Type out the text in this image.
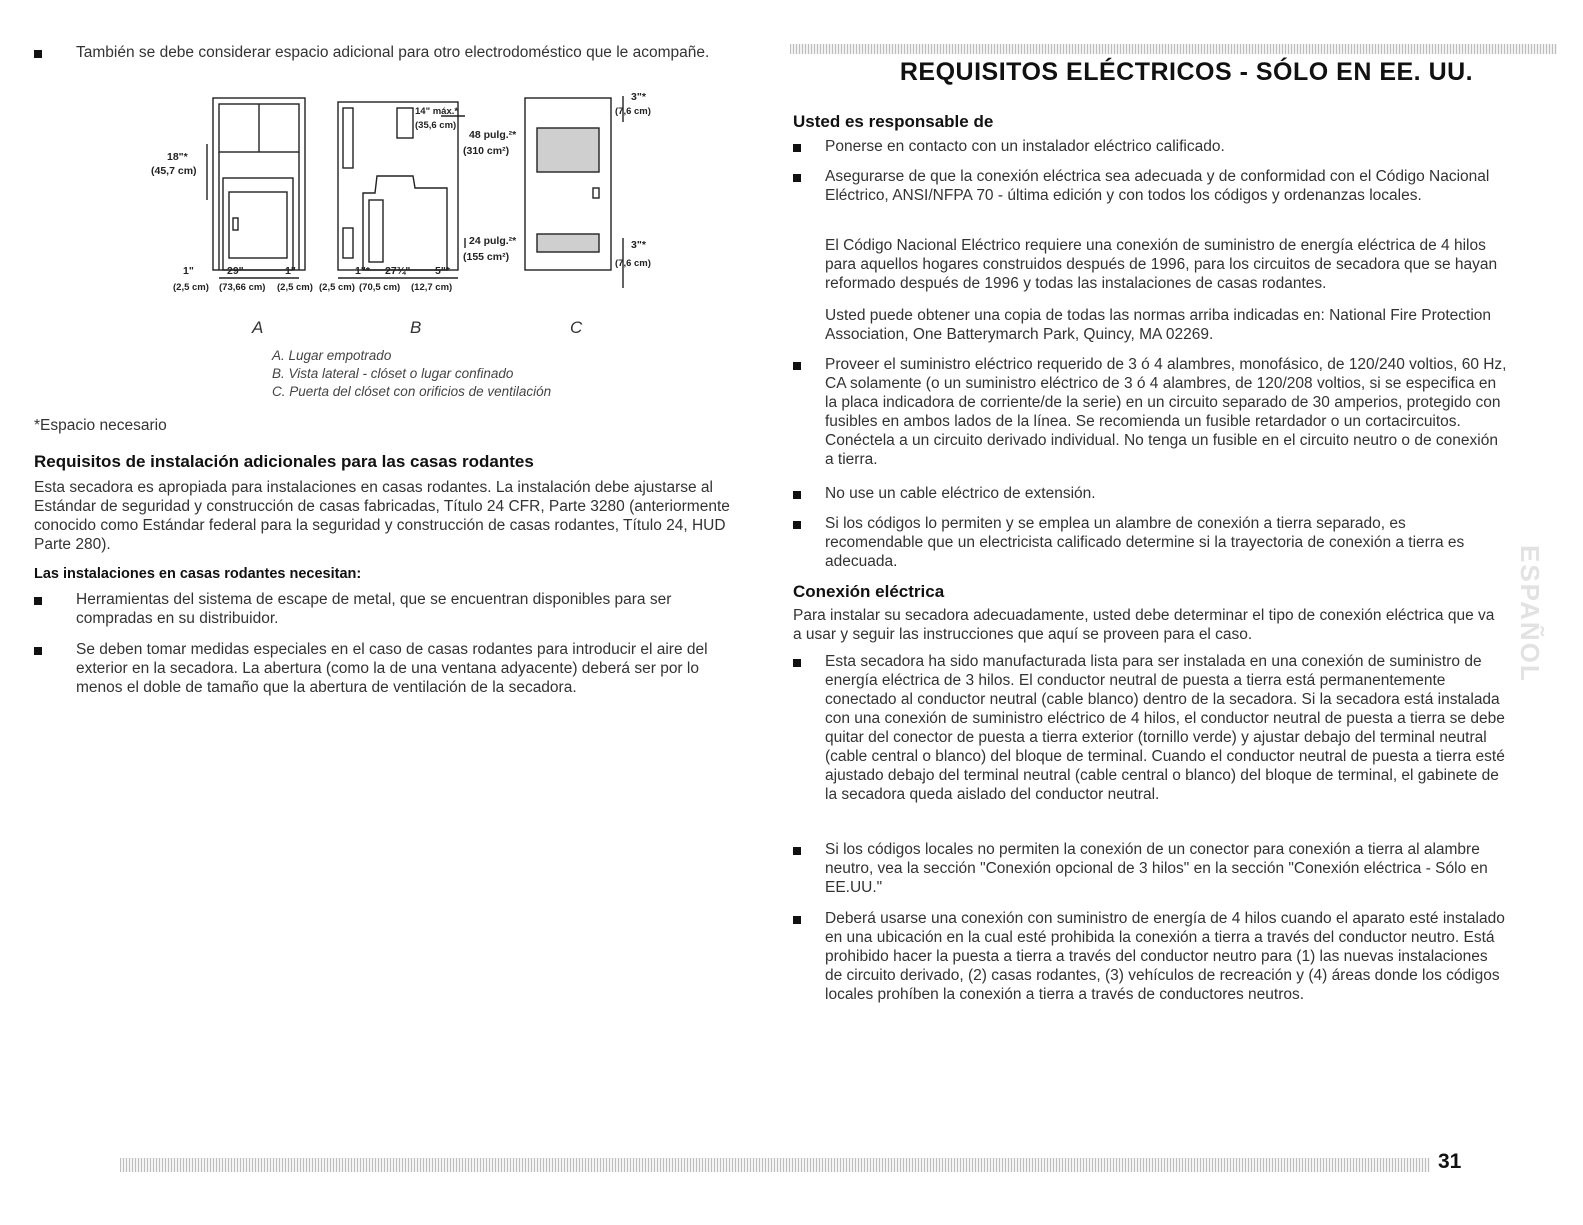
También se debe considerar espacio adicional para otro electrodoméstico que le acompañe.
18"*
(45,7 cm)
1"	29"	1"
(2,5 cm) (73,66 cm) (2,5 cm)
1"* 27¾" 5"*
(2,5 cm) (70,5 cm) (12,7 cm)
14" máx.*
(35,6 cm)
48 pulg.²*
(310 cm²)
24 pulg.²*
(155 cm²)
3"*
(7,6 cm)
3"*
(7,6 cm)
A	B	C
A. Lugar empotrado
B. Vista lateral - clóset o lugar confinado
C. Puerta del clóset con orificios de ventilación
*Espacio necesario
Requisitos de instalación adicionales para las casas rodantes
Esta secadora es apropiada para instalaciones en casas rodantes. La instalación debe ajustarse al Estándar de seguridad y construcción de casas fabricadas, Título 24 CFR, Parte 3280 (anteriormente conocido como Estándar federal para la seguridad y construcción de casas rodantes, Título 24, HUD Parte 280).
Las instalaciones en casas rodantes necesitan:
Herramientas del sistema de escape de metal, que se encuentran disponibles para ser compradas en su distribuidor.
Se deben tomar medidas especiales en el caso de casas rodantes para introducir el aire del exterior en la secadora. La abertura (como la de una ventana adyacente) deberá ser por lo menos el doble de tamaño que la abertura de ventilación de la secadora.
REQUISITOS ELÉCTRICOS - SÓLO EN EE. UU.
Usted es responsable de
Ponerse en contacto con un instalador eléctrico calificado.
Asegurarse de que la conexión eléctrica sea adecuada y de conformidad con el Código Nacional Eléctrico, ANSI/NFPA 70 - última edición y con todos los códigos y ordenanzas locales.
El Código Nacional Eléctrico requiere una conexión de suministro de energía eléctrica de 4 hilos para aquellos hogares construidos después de 1996, para los circuitos de secadora que se hayan reformado después de 1996 y todas las instalaciones de casas rodantes.
Usted puede obtener una copia de todas las normas arriba indicadas en: National Fire Protection Association, One Batterymarch Park, Quincy, MA 02269.
Proveer el suministro eléctrico requerido de 3 ó 4 alambres, monofásico, de 120/240 voltios, 60 Hz, CA solamente (o un suministro eléctrico de 3 ó 4 alambres, de 120/208 voltios, si se especifica en la placa indicadora de corriente/de la serie) en un circuito separado de 30 amperios, protegido con fusibles en ambos lados de la línea. Se recomienda un fusible retardador o un cortacircuitos. Conéctela a un circuito derivado individual. No tenga un fusible en el circuito neutro o de conexión a tierra.
No use un cable eléctrico de extensión.
Si los códigos lo permiten y se emplea un alambre de conexión a tierra separado, es recomendable que un electricista calificado determine si la trayectoria de conexión a tierra es adecuada.
Conexión eléctrica
Para instalar su secadora adecuadamente, usted debe determinar el tipo de conexión eléctrica que va a usar y seguir las instrucciones que aquí se proveen para el caso.
Esta secadora ha sido manufacturada lista para ser instalada en una conexión de suministro de energía eléctrica de 3 hilos. El conductor neutral de puesta a tierra está permanentemente conectado al conductor neutral (cable blanco) dentro de la secadora. Si la secadora está instalada con una conexión de suministro eléctrico de 4 hilos, el conductor neutral de puesta a tierra se debe quitar del conector de puesta a tierra exterior (tornillo verde) y ajustar debajo del terminal neutral (cable central o blanco) del bloque de terminal. Cuando el conductor neutral de puesta a tierra esté ajustado debajo del terminal neutral (cable central o blanco) del bloque de terminal, el gabinete de la secadora queda aislado del conductor neutral.
Si los códigos locales no permiten la conexión de un conector para conexión a tierra al alambre neutro, vea la sección "Conexión opcional de 3 hilos" en la sección "Conexión eléctrica - Sólo en EE.UU."
Deberá usarse una conexión con suministro de energía de 4 hilos cuando el aparato esté instalado en una ubicación en la cual esté prohibida la conexión a tierra a través del conductor neutro. Está prohibido hacer la puesta a tierra a través del conductor neutro para (1) las nuevas instalaciones de circuito derivado, (2) casas rodantes, (3) vehículos de recreación y (4) áreas donde los códigos locales prohíben la conexión a tierra a través de conductores neutros.
ESPAÑOL
31
